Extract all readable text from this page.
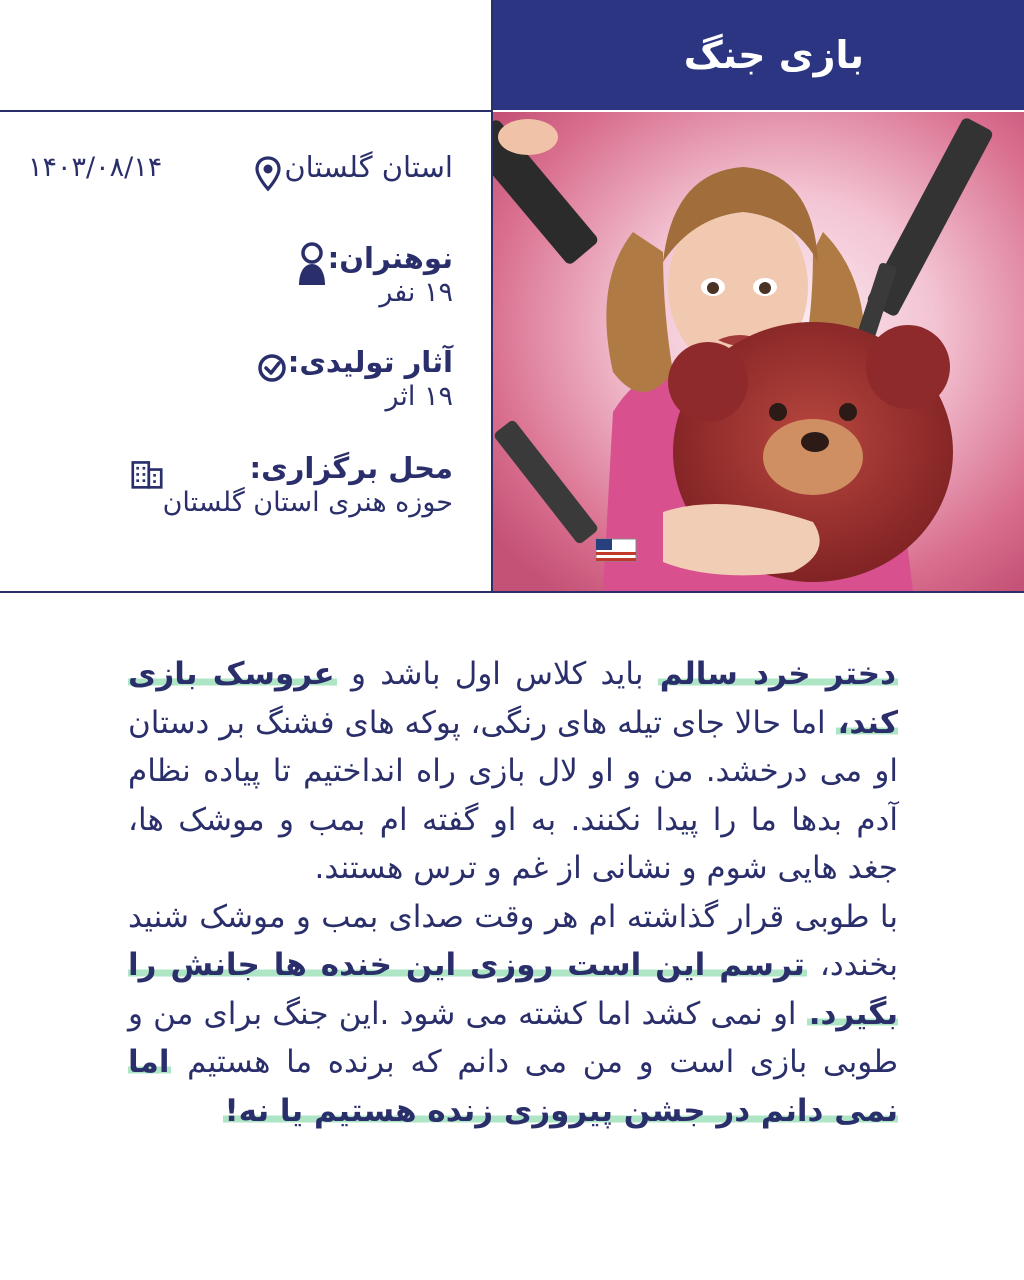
بازی جنگ
۱۴۰۳/۰۸/۱۴	استان گلستان
نوهنران:
۱۹ نفر
آثار تولیدی:
۱۹ اثر
محل برگزاری:
حوزه هنری استان گلستان

دختر خرد سالم باید کلاس اول باشد و عروسک بازی کند، اما حالا جای تیله های رنگی، پوکه های فشنگ بر دستان او می درخشد. من و او لال بازی راه انداختیم تا پیاده نظام آدم بدها ما را پیدا نکنند. به او گفته ام بمب و موشک ها، جغد هایی شوم و نشانی از غم و ترس هستند.

با طوبی قرار گذاشته ام هر وقت صدای بمب و موشک شنید بخندد، ترسم این است روزی این خنده ها جانش را بگیرد. او نمی کشد اما کشته می شود .این جنگ برای من و طوبی بازی است و من می دانم که برنده ما هستیم اما نمی دانم در جشن پیروزی زنده هستیم یا نه!
